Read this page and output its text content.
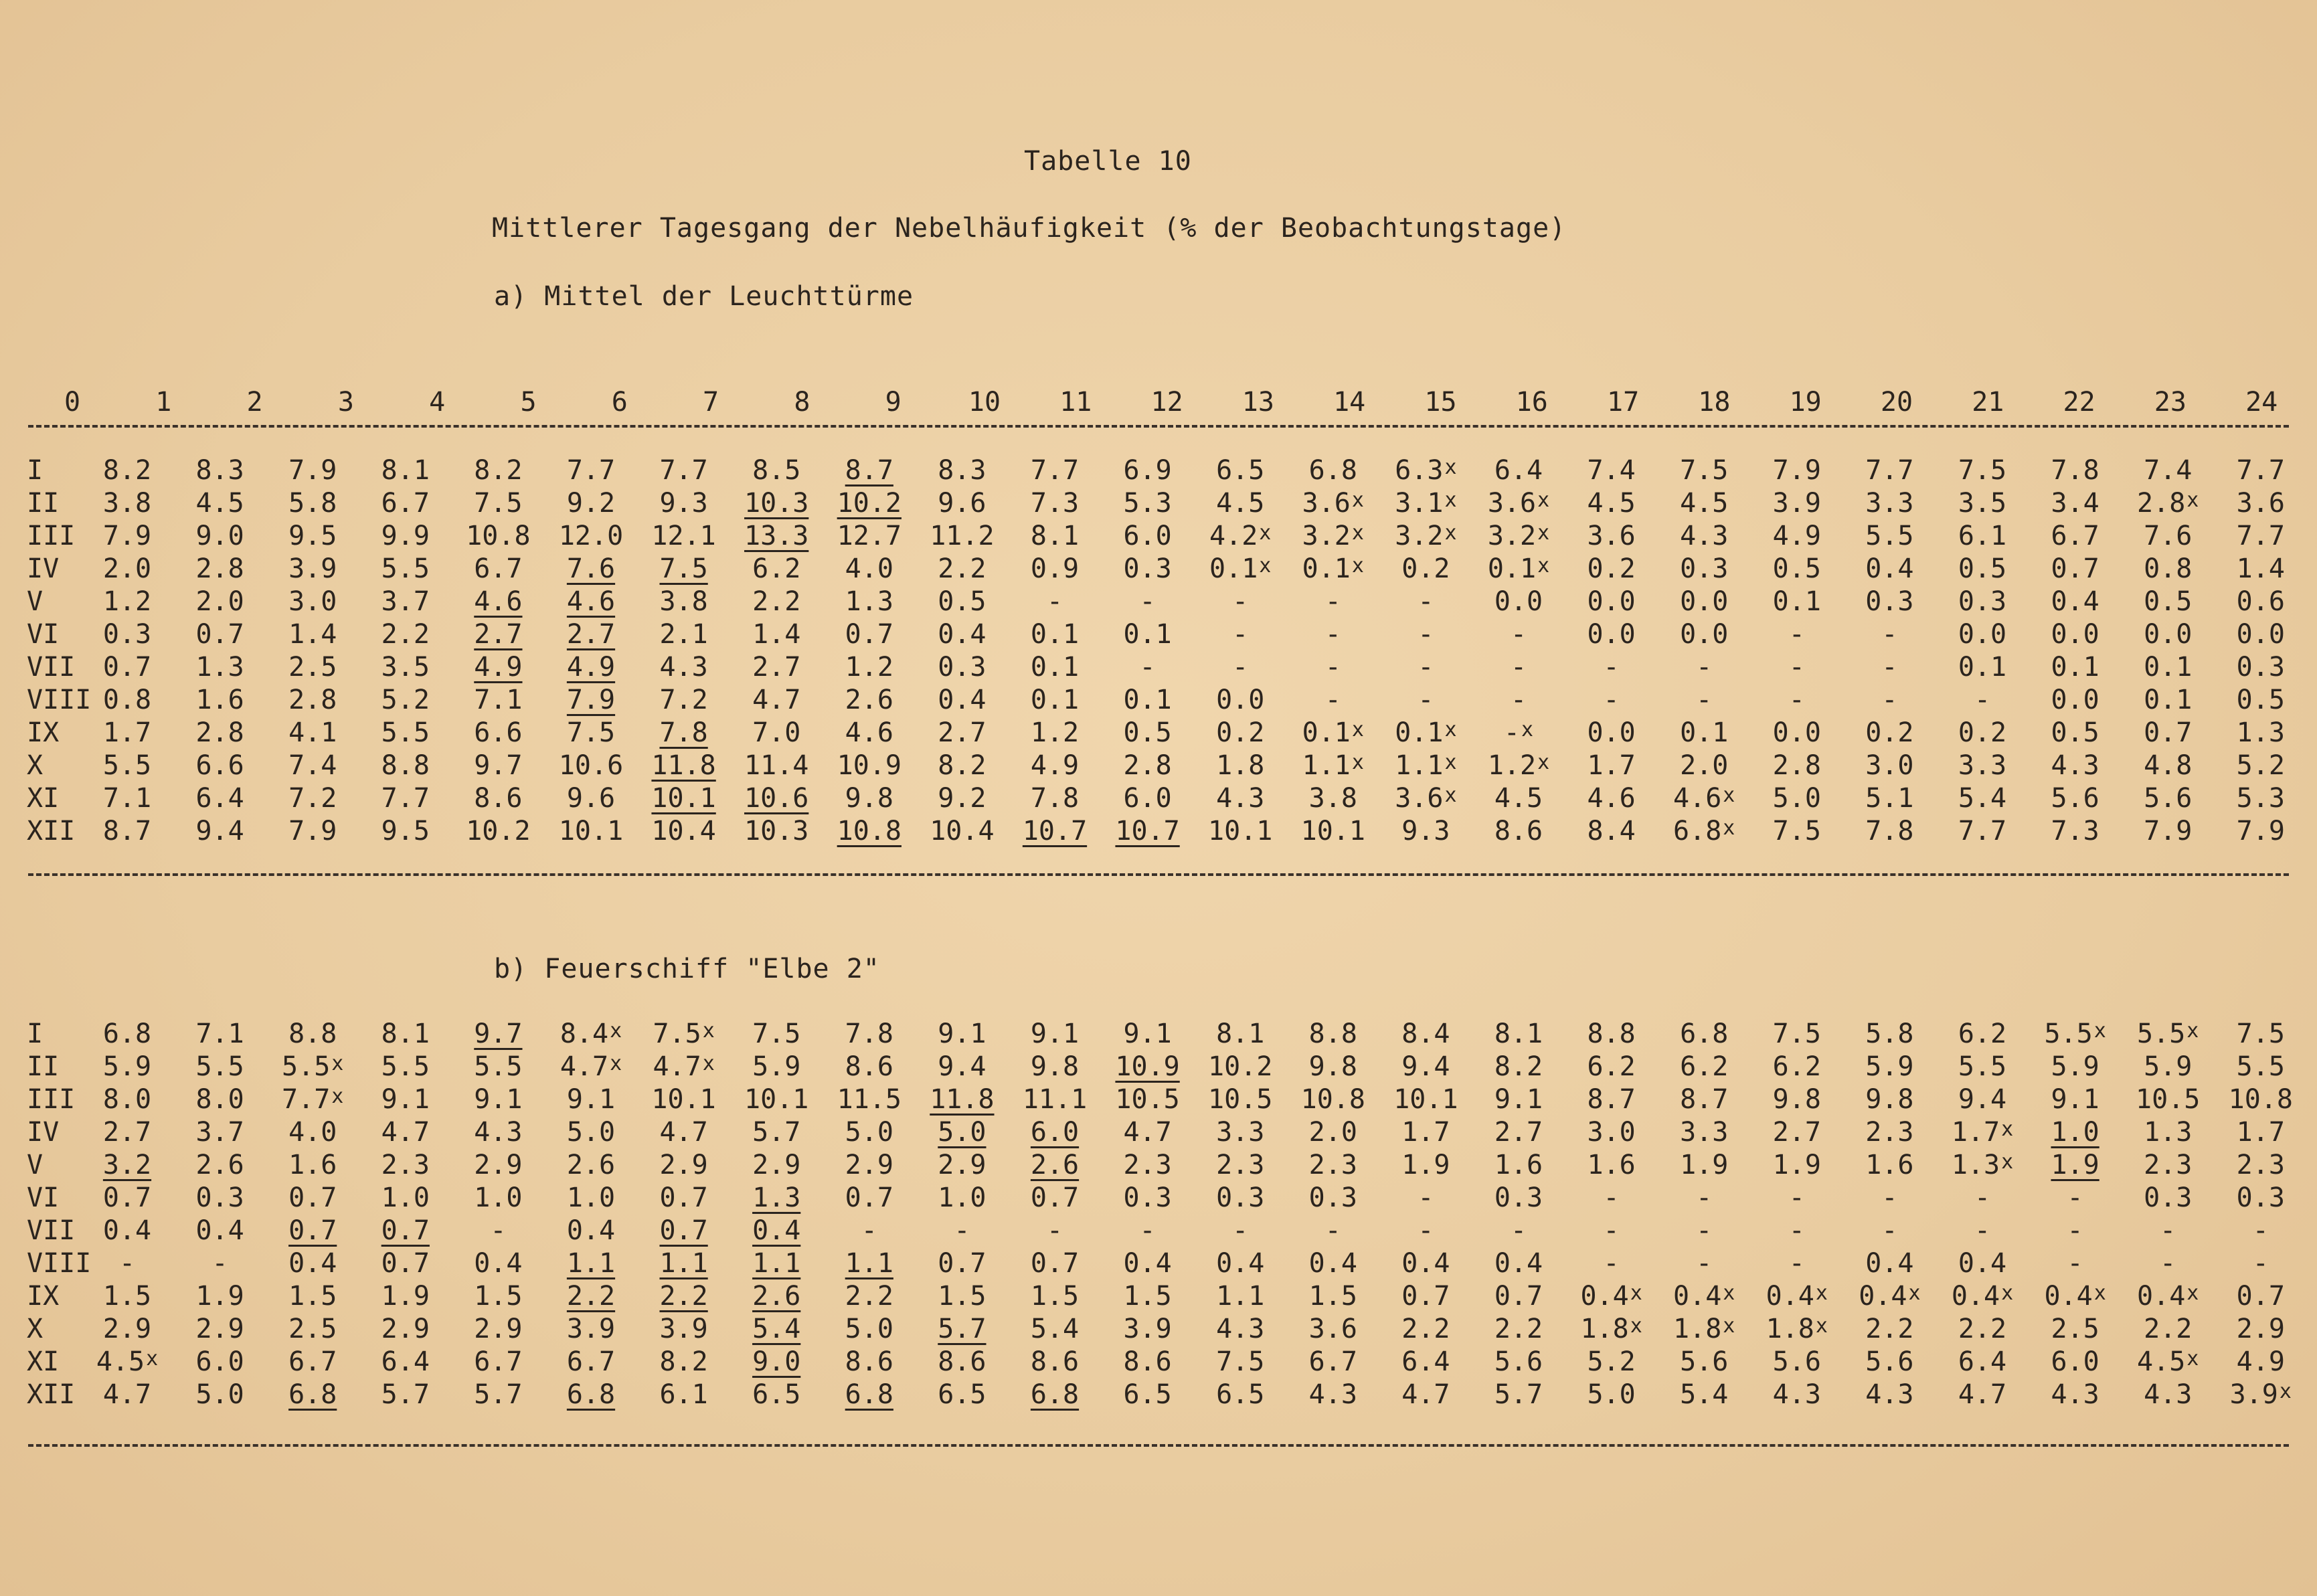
Tabelle 10
Mittlerer Tagesgang der Nebelhäufigkeit (% der Beobachtungstage)
a) Mittel der Leuchttürme
0	1	2	3	4	5	6	7	8	9	10 11 12 13 14 15 16 17 18 19 20 21 22 23 24
I 8.2 8.3 7.9 8.1 8.2 7.7 7.7 8.5 8.7 8.3 7.7 6.9 6.5 6.8 6.3$^x$ 6.4 7.4 7.5 7.9 7.7 7.5 7.8 7.4 7.7
II 3.8 4.5 5.8 6.7 7.5 9.2 9.3 10.3 10.2 9.6 7.3 5.3 4.5 3.6$^x$ 3.1$^x$ 3.6$^x$ 4.5 4.5 3.9 3.3 3.5 3.4 2.8$^x$ 3.6
III 7.9 9.0 9.5 9.9 10.8 12.0 12.1 13.3 12.7 11.2 8.1 6.0 4.2$^x$ 3.2$^x$ 3.2$^x$ 3.2$^x$ 3.6 4.3 4.9 5.5 6.1 6.7 7.6 7.7
IV 2.0 2.8 3.9 5.5 6.7 7.6 7.5 6.2 4.0 2.2 0.9 0.3 0.1$^x$ 0.1$^x$ 0.2 0.1$^x$ 0.2 0.3 0.5 0.4 0.5 0.7 0.8 1.4
V 1.2 2.0 3.0 3.7 4.6 4.6 3.8 2.2 1.3 0.5 -	-	-	-	- 0.0 0.0 0.0 0.1 0.3 0.3 0.4 0.5 0.6
VI 0.3 0.7 1.4 2.2 2.7 2.7 2.1 1.4 0.7 0.4 0.1 0.1 -	-	-	- 0.0 0.0 -	- 0.0 0.0 0.0 0.0
VII 0.7 1.3 2.5 3.5 4.9 4.9 4.3 2.7 1.2 0.3 0.1 -	-	-	-	-	-	-	-	- 0.1 0.1 0.1 0.3
VIII 0.8 1.6 2.8 5.2 7.1 7.9 7.2 4.7 2.6 0.4 0.1 0.1 0.0 -	-	-	-	-	-	-	- 0.0 0.1 0.5
IX 1.7 2.8 4.1 5.5 6.6 7.5 7.8 7.0 4.6 2.7 1.2 0.5 0.2 0.1$^x$ 0.1$^x$ -$^x$ 0.0 0.1 0.0 0.2 0.2 0.5 0.7 1.3
X 5.5 6.6 7.4 8.8 9.7 10.6 11.8 11.4 10.9 8.2 4.9 2.8 1.8 1.1$^x$ 1.1$^x$ 1.2$^x$ 1.7 2.0 2.8 3.0 3.3 4.3 4.8 5.2
XI 7.1 6.4 7.2 7.7 8.6 9.6 10.1 10.6 9.8 9.2 7.8 6.0 4.3 3.8 3.6$^x$ 4.5 4.6 4.6$^x$ 5.0 5.1 5.4 5.6 5.6 5.3
XII 8.7 9.4 7.9 9.5 10.2 10.1 10.4 10.3 10.8 10.4 10.7 10.7 10.1 10.1 9.3 8.6 8.4 6.8$^x$ 7.5 7.8 7.7 7.3 7.9 7.9
b) Feuerschiff "Elbe 2"
I 6.8 7.1 8.8 8.1 9.7 8.4$^x$ 7.5$^x$ 7.5 7.8 9.1 9.1 9.1 8.1 8.8 8.4 8.1 8.8 6.8 7.5 5.8 6.2 5.5$^x$ 5.5$^x$ 7.5
II 5.9 5.5 5.5$^x$ 5.5 5.5 4.7$^x$ 4.7$^x$ 5.9 8.6 9.4 9.8 10.9 10.2 9.8 9.4 8.2 6.2 6.2 6.2 5.9 5.5 5.9 5.9 5.5
III 8.0 8.0 7.7$^x$ 9.1 9.1 9.1 10.1 10.1 11.5 11.8 11.1 10.5 10.5 10.8 10.1 9.1 8.7 8.7 9.8 9.8 9.4 9.1 10.5 10.8
IV 2.7 3.7 4.0 4.7 4.3 5.0 4.7 5.7 5.0 5.0 6.0 4.7 3.3 2.0 1.7 2.7 3.0 3.3 2.7 2.3 1.7$^x$ 1.0 1.3 1.7
V 3.2 2.6 1.6 2.3 2.9 2.6 2.9 2.9 2.9 2.9 2.6 2.3 2.3 2.3 1.9 1.6 1.6 1.9 1.9 1.6 1.3$^x$ 1.9 2.3 2.3
VI 0.7 0.3 0.7 1.0 1.0 1.0 0.7 1.3 0.7 1.0 0.7 0.3 0.3 0.3 - 0.3 -	-	-	-	-	- 0.3 0.3
VII 0.4 0.4 0.7 0.7 - 0.4 0.7 0.4 -	-	-	-	-	-	-	-	-	-	-	-	-	-	-	-
VIII -	- 0.4 0.7 0.4 1.1 1.1 1.1 1.1 0.7 0.7 0.4 0.4 0.4 0.4 0.4 -	-	- 0.4 0.4 -	-	-
IX 1.5 1.9 1.5 1.9 1.5 2.2 2.2 2.6 2.2 1.5 1.5 1.5 1.1 1.5 0.7 0.7 0.4$^x$ 0.4$^x$ 0.4$^x$ 0.4$^x$ 0.4$^x$ 0.4$^x$ 0.4$^x$ 0.7
X 2.9 2.9 2.5 2.9 2.9 3.9 3.9 5.4 5.0 5.7 5.4 3.9 4.3 3.6 2.2 2.2 1.8$^x$ 1.8$^x$ 1.8$^x$ 2.2 2.2 2.5 2.2 2.9
XI 4.5$^x$ 6.0 6.7 6.4 6.7 6.7 8.2 9.0 8.6 8.6 8.6 8.6 7.5 6.7 6.4 5.6 5.2 5.6 5.6 5.6 6.4 6.0 4.5$^x$ 4.9
XII 4.7 5.0 6.8 5.7 5.7 6.8 6.1 6.5 6.8 6.5 6.8 6.5 6.5 4.3 4.7 5.7 5.0 5.4 4.3 4.3 4.7 4.3 4.3 3.9$^x$
